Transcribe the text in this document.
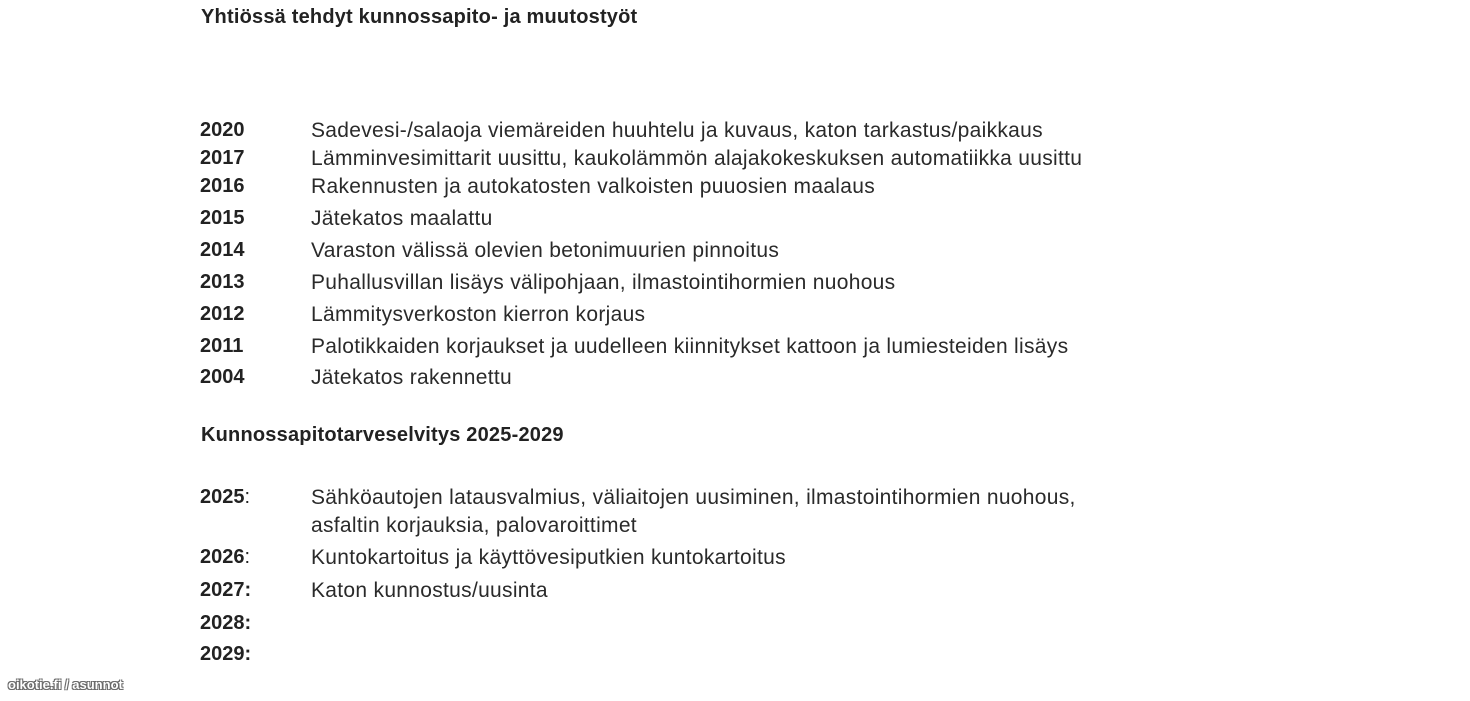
Yhtiössä tehdyt kunnossapito- ja muutostyöt
2020	Sadevesi-/salaoja viemäreiden huuhtelu ja kuvaus, katon tarkastus/paikkaus
2017	Lämminvesimittarit uusittu, kaukolämmön alajakokeskuksen automatiikka uusittu
2016	Rakennusten ja autokatosten valkoisten puuosien maalaus
2015	Jätekatos maalattu
2014	Varaston välissä olevien betonimuurien pinnoitus
2013	Puhallusvillan lisäys välipohjaan, ilmastointihormien nuohous
2012	Lämmitysverkoston kierron korjaus
2011	Palotikkaiden korjaukset ja uudelleen kiinnitykset kattoon ja lumiesteiden lisäys
2004	Jätekatos rakennettu
Kunnossapitotarveselvitys 2025-2029
2025:	Sähköautojen latausvalmius, väliaitojen uusiminen, ilmastointihormien nuohous,
asfaltin korjauksia, palovaroittimet
2026:	Kuntokartoitus ja käyttövesiputkien kuntokartoitus
2027:	Katon kunnostus/uusinta
2028:
2029:
oikotie.fi / asunnot
